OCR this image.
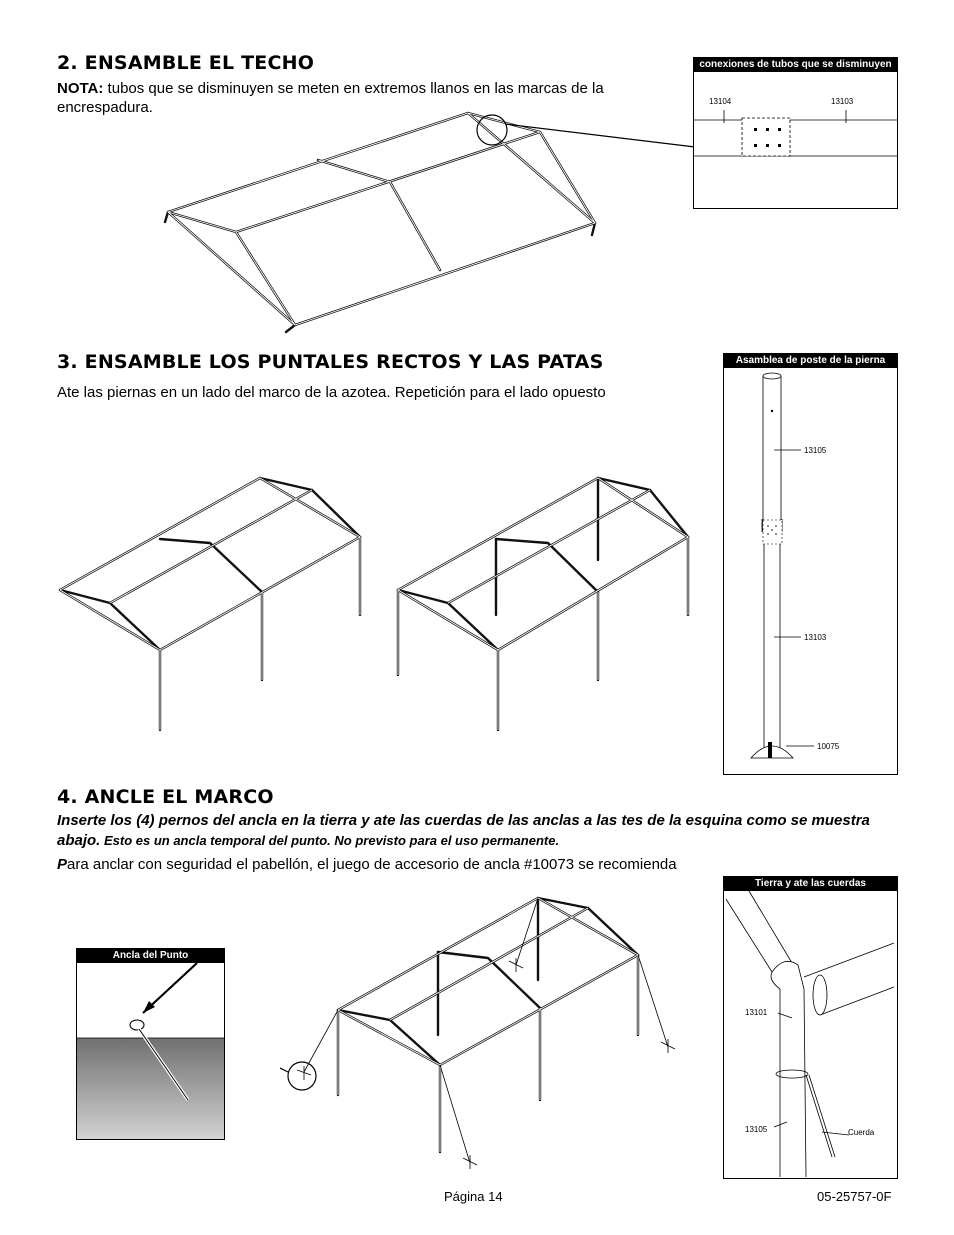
2. ENSAMBLE EL TECHO
NOTA: tubos que se disminuyen se meten en extremos llanos en las marcas de la encrespadura.
conexiones de tubos que se disminuyen
13104	13103
3. ENSAMBLE LOS PUNTALES RECTOS Y LAS PATAS
Ate las piernas en un lado del marco de la azotea. Repetición para el lado opuesto
Asamblea de poste de la pierna
13105
13103
10075
4. ANCLE EL MARCO
Inserte los (4) pernos del ancla en la tierra y ate las cuerdas de las anclas a las tes de la esquina como se muestra abajo. Esto es un ancla temporal del punto. No previsto para el uso permanente.
Para anclar con seguridad el pabellón, el juego de accesorio de ancla #10073 se recomienda
Ancla del Punto
Tierra y ate las cuerdas
13101
13105	Cuerda
Página 14	05-25757-0F
